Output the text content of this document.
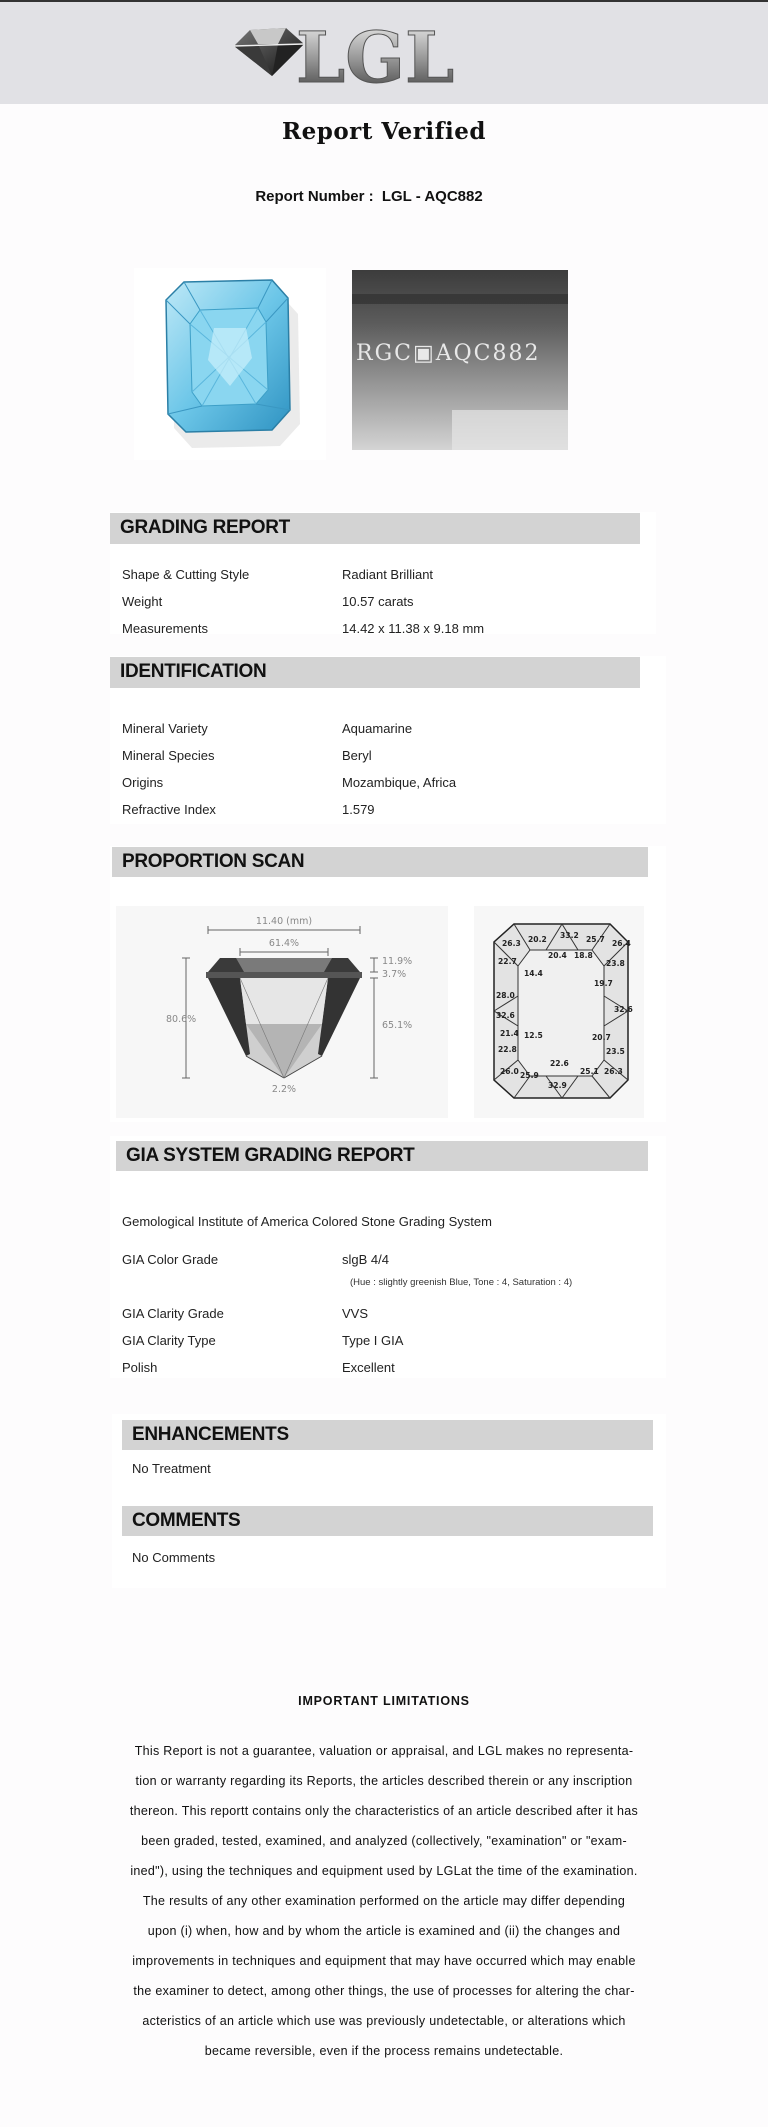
LGL
Report Verified
Report Number : LGL - AQC882
RGC▣AQC882
GRADING REPORT
Shape & Cutting Style	Radiant Brilliant
Weight	10.57 carats
Measurements	14.42 x 11.38 x 9.18 mm
IDENTIFICATION
Mineral Variety	Aquamarine
Mineral Species	Beryl
Origins	Mozambique, Africa
Refractive Index	1.579
PROPORTION SCAN
11.40 (mm)
61.4%
80.6%
11.9%
3.7%
65.1%
2.2%
33.2
20.2
26.3	25.7 26.4
20.4 18.8
22.7	23.8
14.4
19.7
28.0
32.6
32.6
21.4 12.5	20.7
22.8	23.5
22.6
26.0 25.9	25.1 26.3
32.9
GIA SYSTEM GRADING REPORT
Gemological Institute of America Colored Stone Grading System
GIA Color Grade	slgB 4/4
(Hue : slightly greenish Blue, Tone : 4, Saturation : 4)
GIA Clarity Grade	VVS
GIA Clarity Type	Type I GIA
Polish	Excellent
ENHANCEMENTS
No Treatment
COMMENTS
No Comments
IMPORTANT LIMITATIONS
This Report is not a guarantee, valuation or appraisal, and LGL makes no representa-
tion or warranty regarding its Reports, the articles described therein or any inscription
thereon. This reportt contains only the characteristics of an article described after it has
been graded, tested, examined, and analyzed (collectively, "examination" or "exam-
ined"), using the techniques and equipment used by LGLat the time of the examination.
The results of any other examination performed on the article may differ depending
upon (i) when, how and by whom the article is examined and (ii) the changes and
improvements in techniques and equipment that may have occurred which may enable
the examiner to detect, among other things, the use of processes for altering the char-
acteristics of an article which use was previously undetectable, or alterations which
became reversible, even if the process remains undetectable.
